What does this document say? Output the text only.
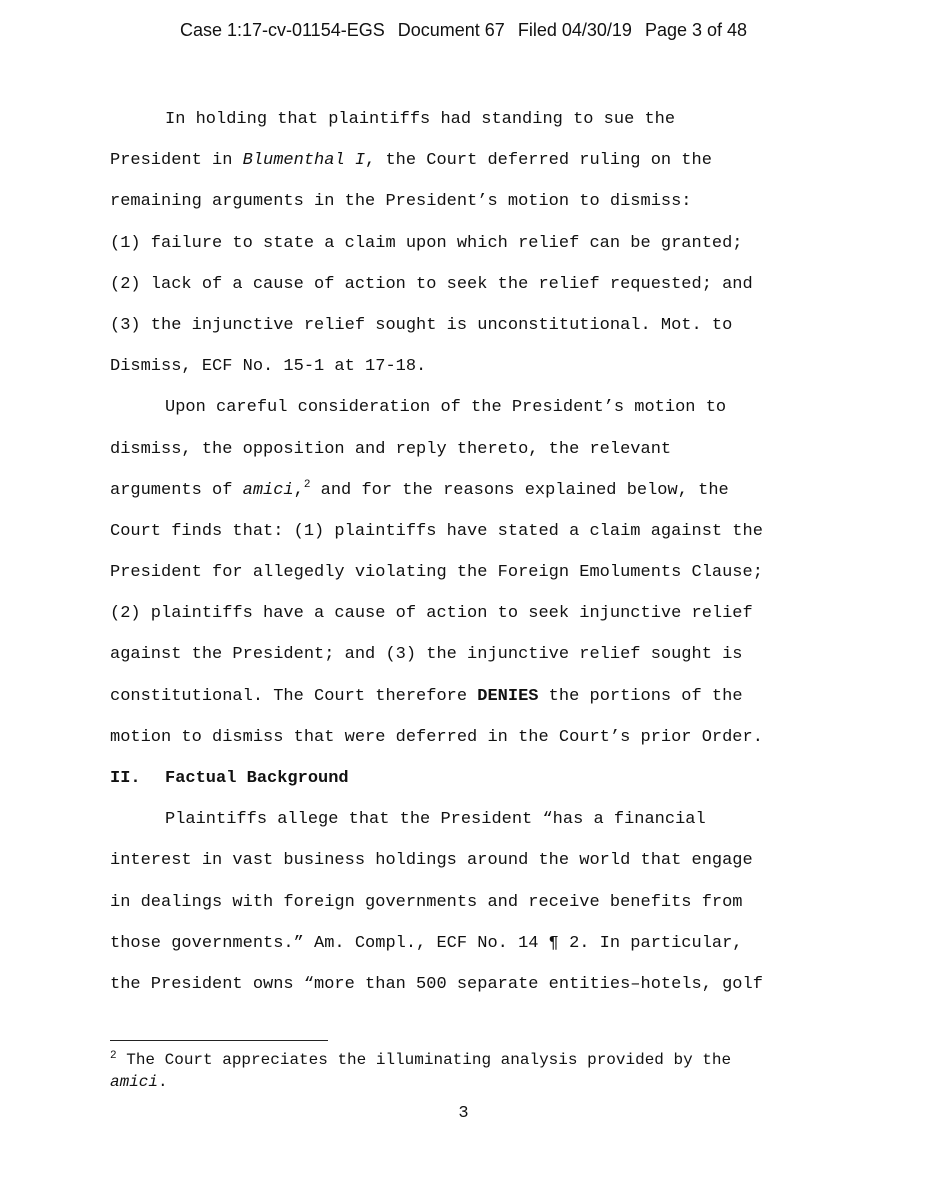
Case 1:17-cv-01154-EGS Document 67 Filed 04/30/19 Page 3 of 48
In holding that plaintiffs had standing to sue the
President in Blumenthal I, the Court deferred ruling on the
remaining arguments in the President’s motion to dismiss:
(1) failure to state a claim upon which relief can be granted;
(2) lack of a cause of action to seek the relief requested; and
(3) the injunctive relief sought is unconstitutional. Mot. to
Dismiss, ECF No. 15-1 at 17-18.
Upon careful consideration of the President’s motion to
dismiss, the opposition and reply thereto, the relevant
arguments of amici,$^2$ and for the reasons explained below, the
Court finds that: (1) plaintiffs have stated a claim against the
President for allegedly violating the Foreign Emoluments Clause;
(2) plaintiffs have a cause of action to seek injunctive relief
against the President; and (3) the injunctive relief sought is
constitutional. The Court therefore DENIES the portions of the
motion to dismiss that were deferred in the Court’s prior Order.
II. Factual Background
Plaintiffs allege that the President “has a financial
interest in vast business holdings around the world that engage
in dealings with foreign governments and receive benefits from
those governments.” Am. Compl., ECF No. 14 ¶ 2. In particular,
the President owns “more than 500 separate entities–hotels, golf
$^2$ The Court appreciates the illuminating analysis provided by the
amici.
3
